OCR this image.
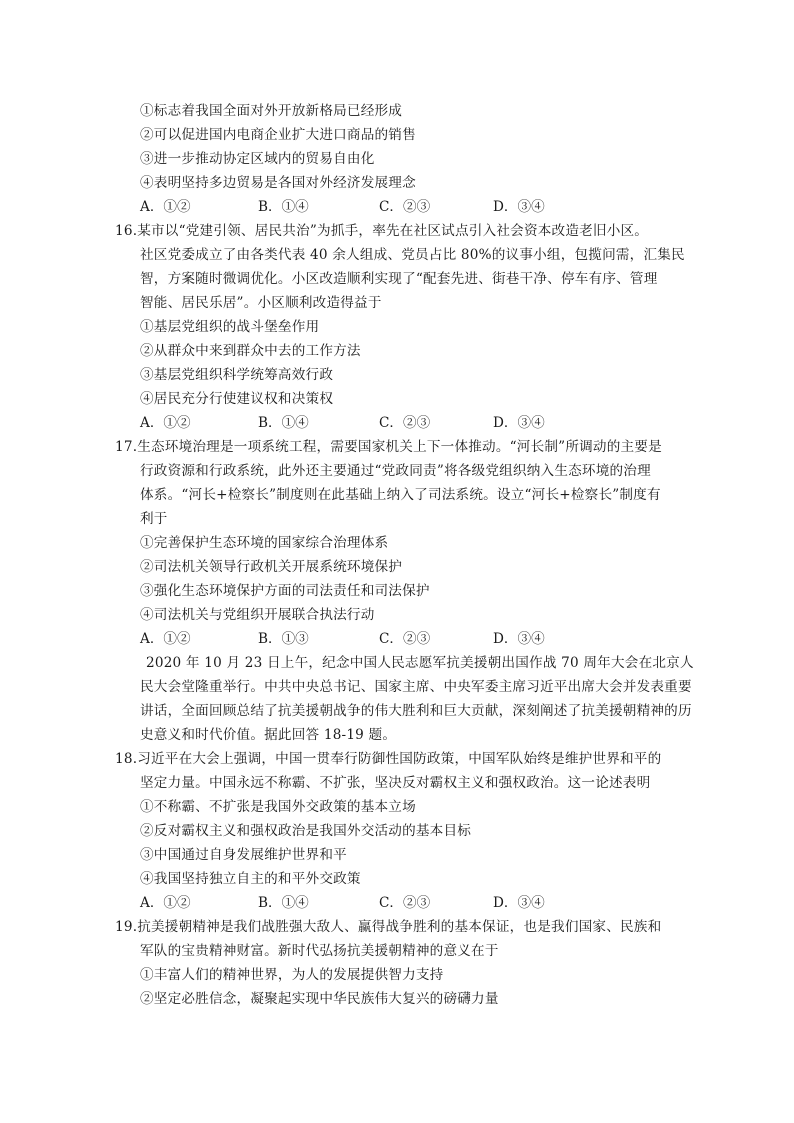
①标志着我国全面对外开放新格局已经形成
②可以促进国内电商企业扩大进口商品的销售
③进一步推动协定区域内的贸易自由化
④表明坚持多边贸易是各国对外经济发展理念
A．①②	B．①④	C．②③	D．③④
16.某市以“党建引领、居民共治”为抓手，率先在社区试点引入社会资本改造老旧小区。
社区党委成立了由各类代表 40 余人组成、党员占比 80%的议事小组，包揽问需，汇集民
智，方案随时微调优化。小区改造顺利实现了“配套先进、街巷干净、停车有序、管理
智能、居民乐居”。小区顺利改造得益于
①基层党组织的战斗堡垒作用
②从群众中来到群众中去的工作方法
③基层党组织科学统筹高效行政
④居民充分行使建议权和决策权
A．①②	B．①④	C．②③	D．③④
17.生态环境治理是一项系统工程，需要国家机关上下一体推动。“河长制”所调动的主要是
行政资源和行政系统，此外还主要通过“党政同责”将各级党组织纳入生态环境的治理
体系。“河长+检察长”制度则在此基础上纳入了司法系统。设立“河长+检察长”制度有
利于
①完善保护生态环境的国家综合治理体系
②司法机关领导行政机关开展系统环境保护
③强化生态环境保护方面的司法责任和司法保护
④司法机关与党组织开展联合执法行动
A．①②	B．①③	C．②③	D．③④
2020 年 10 月 23 日上午，纪念中国人民志愿军抗美援朝出国作战 70 周年大会在北京人
民大会堂隆重举行。中共中央总书记、国家主席、中央军委主席习近平出席大会并发表重要
讲话，全面回顾总结了抗美援朝战争的伟大胜利和巨大贡献，深刻阐述了抗美援朝精神的历
史意义和时代价值。据此回答 18-19 题。
18.习近平在大会上强调，中国一贯奉行防御性国防政策，中国军队始终是维护世界和平的
坚定力量。中国永远不称霸、不扩张，坚决反对霸权主义和强权政治。这一论述表明
①不称霸、不扩张是我国外交政策的基本立场
②反对霸权主义和强权政治是我国外交活动的基本目标
③中国通过自身发展维护世界和平
④我国坚持独立自主的和平外交政策
A．①②	B．①④	C．②③	D．③④
19.抗美援朝精神是我们战胜强大敌人、赢得战争胜利的基本保证，也是我们国家、民族和
军队的宝贵精神财富。新时代弘扬抗美援朝精神的意义在于
①丰富人们的精神世界，为人的发展提供智力支持
②坚定必胜信念，凝聚起实现中华民族伟大复兴的磅礴力量
